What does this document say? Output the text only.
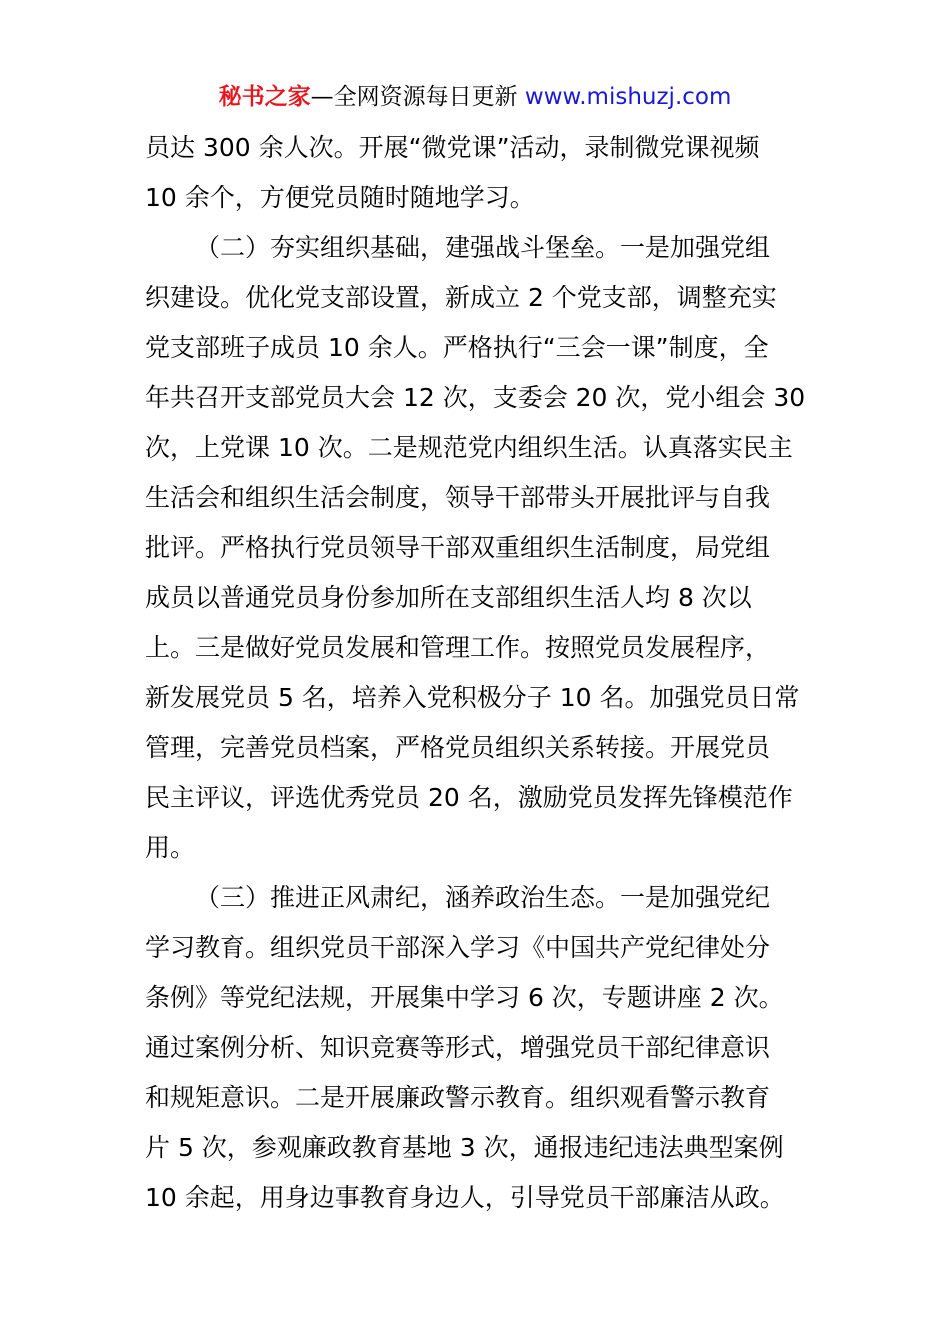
秘书之家—全网资源每日更新 www.mishuzj.com
员达 300 余人次。开展“微党课”活动，录制微党课视频
10 余个，方便党员随时随地学习。
（二）夯实组织基础，建强战斗堡垒。一是加强党组
织建设。优化党支部设置，新成立 2 个党支部，调整充实
党支部班子成员 10 余人。严格执行“三会一课”制度，全
年共召开支部党员大会 12 次，支委会 20 次，党小组会 30
次，上党课 10 次。二是规范党内组织生活。认真落实民主
生活会和组织生活会制度，领导干部带头开展批评与自我
批评。严格执行党员领导干部双重组织生活制度，局党组
成员以普通党员身份参加所在支部组织生活人均 8 次以
上。三是做好党员发展和管理工作。按照党员发展程序，
新发展党员 5 名，培养入党积极分子 10 名。加强党员日常
管理，完善党员档案，严格党员组织关系转接。开展党员
民主评议，评选优秀党员 20 名，激励党员发挥先锋模范作
用。
（三）推进正风肃纪，涵养政治生态。一是加强党纪
学习教育。组织党员干部深入学习《中国共产党纪律处分
条例》等党纪法规，开展集中学习 6 次，专题讲座 2 次。
通过案例分析、知识竞赛等形式，增强党员干部纪律意识
和规矩意识。二是开展廉政警示教育。组织观看警示教育
片 5 次，参观廉政教育基地 3 次，通报违纪违法典型案例
10 余起，用身边事教育身边人，引导党员干部廉洁从政。
